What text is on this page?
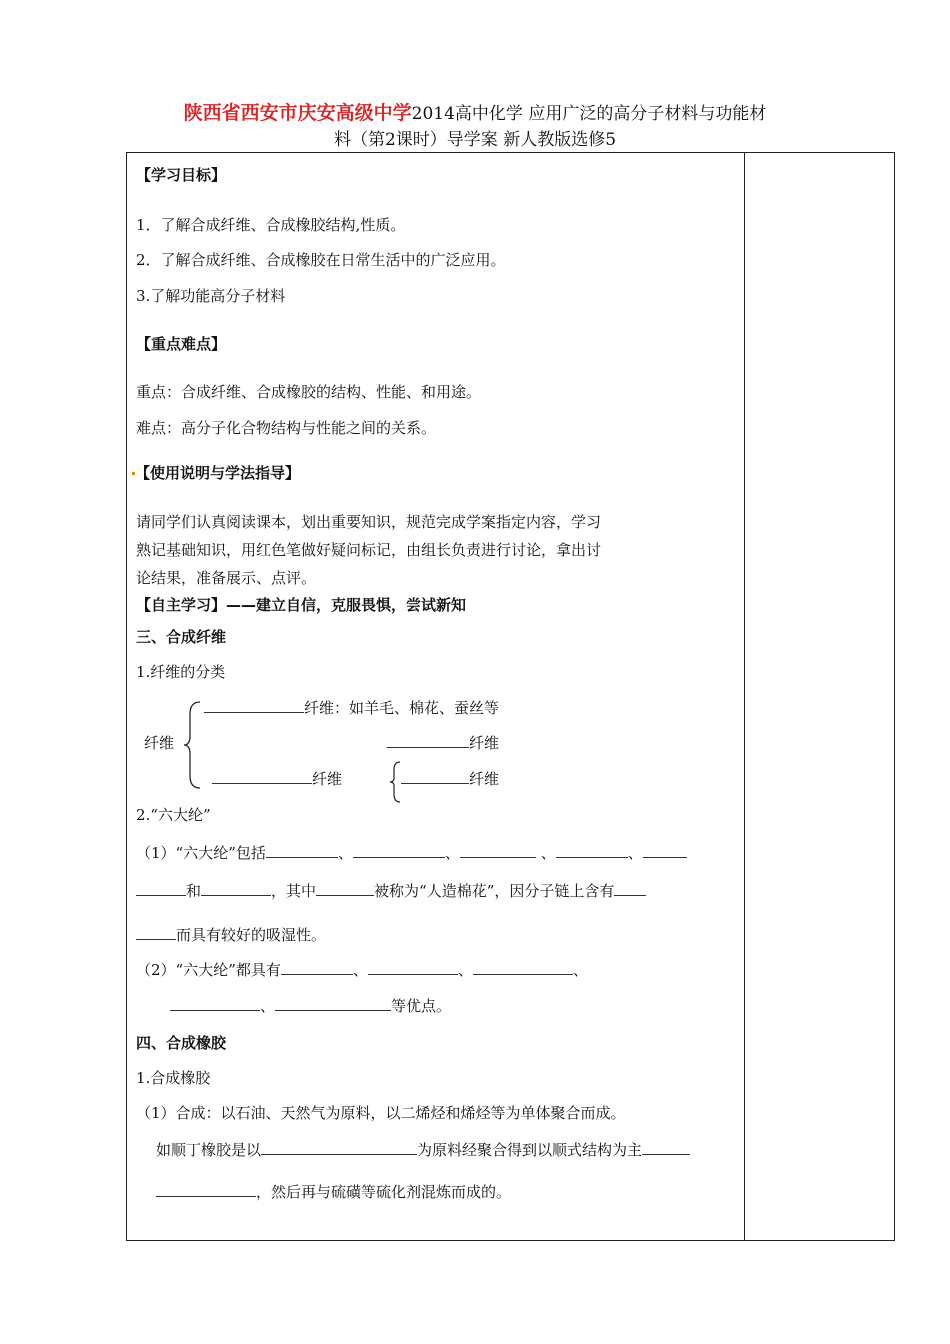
陕西省西安市庆安高级中学2014高中化学 应用广泛的高分子材料与功能材
料（第2课时）导学案 新人教版选修5
【学习目标】
1．了解合成纤维、合成橡胶结构,性质。
2．了解合成纤维、合成橡胶在日常生活中的广泛应用。
3.了解功能高分子材料
【重点难点】
重点：合成纤维、合成橡胶的结构、性能、和用途。
难点：高分子化合物结构与性能之间的关系。
【使用说明与学法指导】
请同学们认真阅读课本，划出重要知识，规范完成学案指定内容，学习
熟记基础知识，用红色笔做好疑问标记，由组长负责进行讨论，拿出讨
论结果，准备展示、点评。
【自主学习】——建立自信，克服畏惧，尝试新知
三、合成纤维
1.纤维的分类
纤维
纤维：如羊毛、棉花、蚕丝等
纤维
纤维	纤维
2.“六大纶”
（1）“六大纶”包括	、	、	、	、
和	，其中	被称为“人造棉花”，因分子链上含有
而具有较好的吸湿性。
（2）“六大纶”都具有	、	、	、
、	等优点。
四、合成橡胶
1.合成橡胶
（1）合成：以石油、天然气为原料，以二烯烃和烯烃等为单体聚合而成。
如顺丁橡胶是以	为原料经聚合得到以顺式结构为主
，然后再与硫磺等硫化剂混炼而成的。
